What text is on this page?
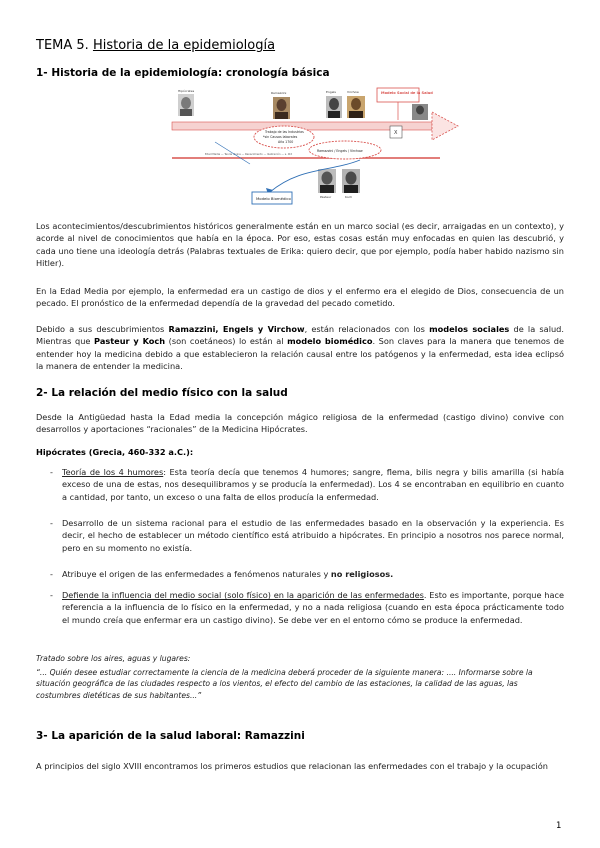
TEMA 5. Historia de la epidemiología
1- Historia de la epidemiología: cronología básica
Edad Media — Teoría divina — Renacimiento — Ilustración — s. XIX
Hipócrates	Ramazzini	Engels	Virchow
Pasteur	Koch
Trabajo de las Industrias
*sin Causas laborales
Año 1700
Ramazzini / Engels / Virchow
Modelo Social de la Salud
X
Modelo Biomédico
Los acontecimientos/descubrimientos históricos generalmente están en un marco social (es decir, arraigadas en un contexto), y acorde al nivel de conocimientos que había en la época. Por eso, estas cosas están muy enfocadas en quien las descubrió, y cada uno tiene una ideología detrás (Palabras textuales de Erika: quiero decir, que por ejemplo, podía haber habido nazismo sin Hitler).
En la Edad Media por ejemplo, la enfermedad era un castigo de dios y el enfermo era el elegido de Dios, consecuencia de un pecado. El pronóstico de la enfermedad dependía de la gravedad del pecado cometido.
Debido a sus descubrimientos Ramazzini, Engels y Virchow, están relacionados con los modelos sociales de la salud. Mientras que Pasteur y Koch (son coetáneos) lo están al modelo biomédico. Son claves para la manera que tenemos de entender hoy la medicina debido a que establecieron la relación causal entre los patógenos y la enfermedad, esta idea eclipsó la manera de entender la medicina.
2- La relación del medio físico con la salud
Desde la Antigüedad hasta la Edad media la concepción mágico religiosa de la enfermedad (castigo divino) convive con desarrollos y aportaciones “racionales” de la Medicina Hipócrates.
Hipócrates (Grecia, 460-332 a.C.):
- Teoría de los 4 humores: Esta teoría decía que tenemos 4 humores; sangre, flema, bilis negra y bilis amarilla (si había exceso de una de estas, nos desequilibramos y se producía la enfermedad). Los 4 se encontraban en equilibrio en cuanto a cantidad, por tanto, un exceso o una falta de ellos producía la enfermedad.
- Desarrollo de un sistema racional para el estudio de las enfermedades basado en la observación y la experiencia. Es decir, el hecho de establecer un método científico está atribuido a hipócrates. En principio a nosotros nos parece normal, pero en su momento no existía.
- Atribuye el origen de las enfermedades a fenómenos naturales y no religiosos.
- Defiende la influencia del medio social (solo físico) en la aparición de las enfermedades. Esto es importante, porque hace referencia a la influencia de lo físico en la enfermedad, y no a nada religiosa (cuando en esta época prácticamente todo el mundo creía que enfermar era un castigo divino). Se debe ver en el entorno cómo se produce la enfermedad.
Tratado sobre los aires, aguas y lugares:
“... Quién desee estudiar correctamente la ciencia de la medicina deberá proceder de la siguiente manera: .... Informarse sobre la situación geográfica de las ciudades respecto a los vientos, el efecto del cambio de las estaciones, la calidad de las aguas, las costumbres dietéticas de sus habitantes...”
3- La aparición de la salud laboral: Ramazzini
A principios del siglo XVIII encontramos los primeros estudios que relacionan las enfermedades con el trabajo y la ocupación
1
